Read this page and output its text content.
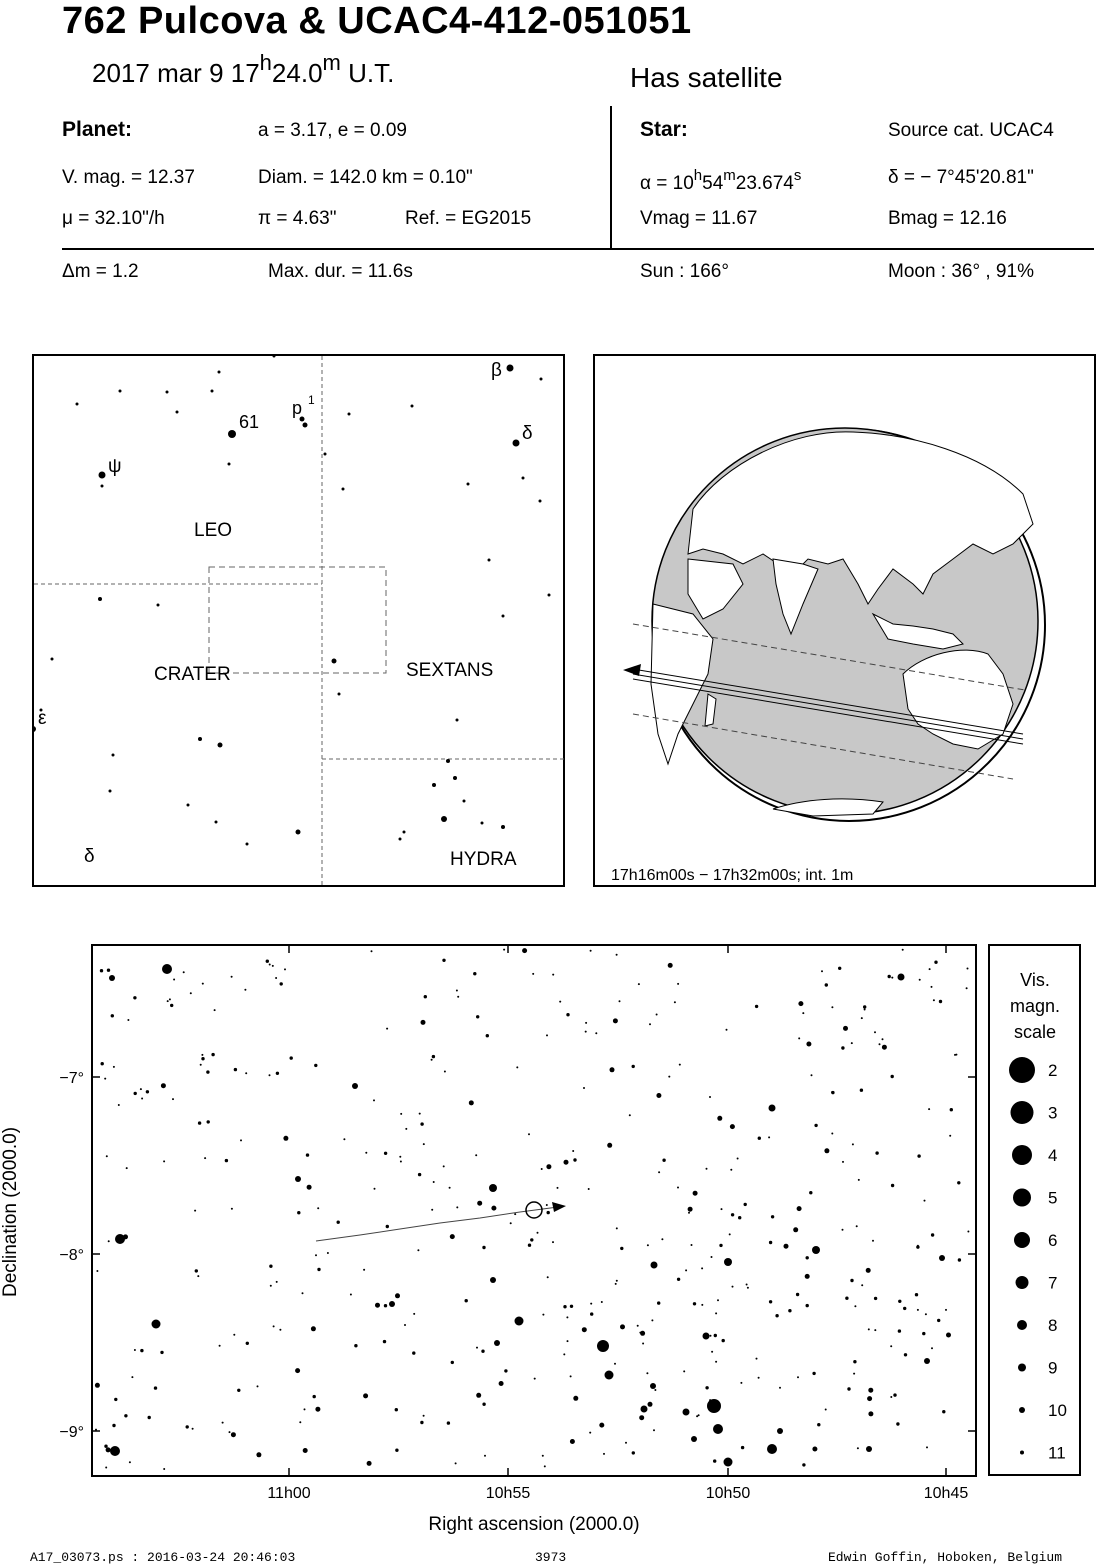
762 Pulcova & UCAC4-412-051051
2017 mar 9 17$^h$24.0$^m$ U.T.	Has satellite
Planet:	a = 3.17, e = 0.09
V. mag. = 12.37	Diam. = 142.0 km = 0.10"
μ = 32.10"/h	π = 4.63"	Ref. = EG2015
Star:	Source cat. UCAC4
$\alpha = 10^h54^m23.674^s$	δ = − 7°45'20.81"
Vmag = 11.67	Bmag = 12.16
Δm = 1.2	Max. dur. = 11.6s	Sun : 166°	Moon : 36° , 91%
LEO
CRATER	SEXTANS
HYDRA
β
δ
ψ
61
p 1
ε
δ
17h16m00s − 17h32m00s; int. 1m
11h00	10h55	10h50	10h45
−7°
−8°
−9°
Right ascension (2000.0)
Declination (2000.0)
Vis.
magn.
scale
2
3
4
5
6
7
8
9
10
11
A17_03073.ps : 2016-03-24 20:46:03	3973	Edwin Goffin, Hoboken, Belgium
